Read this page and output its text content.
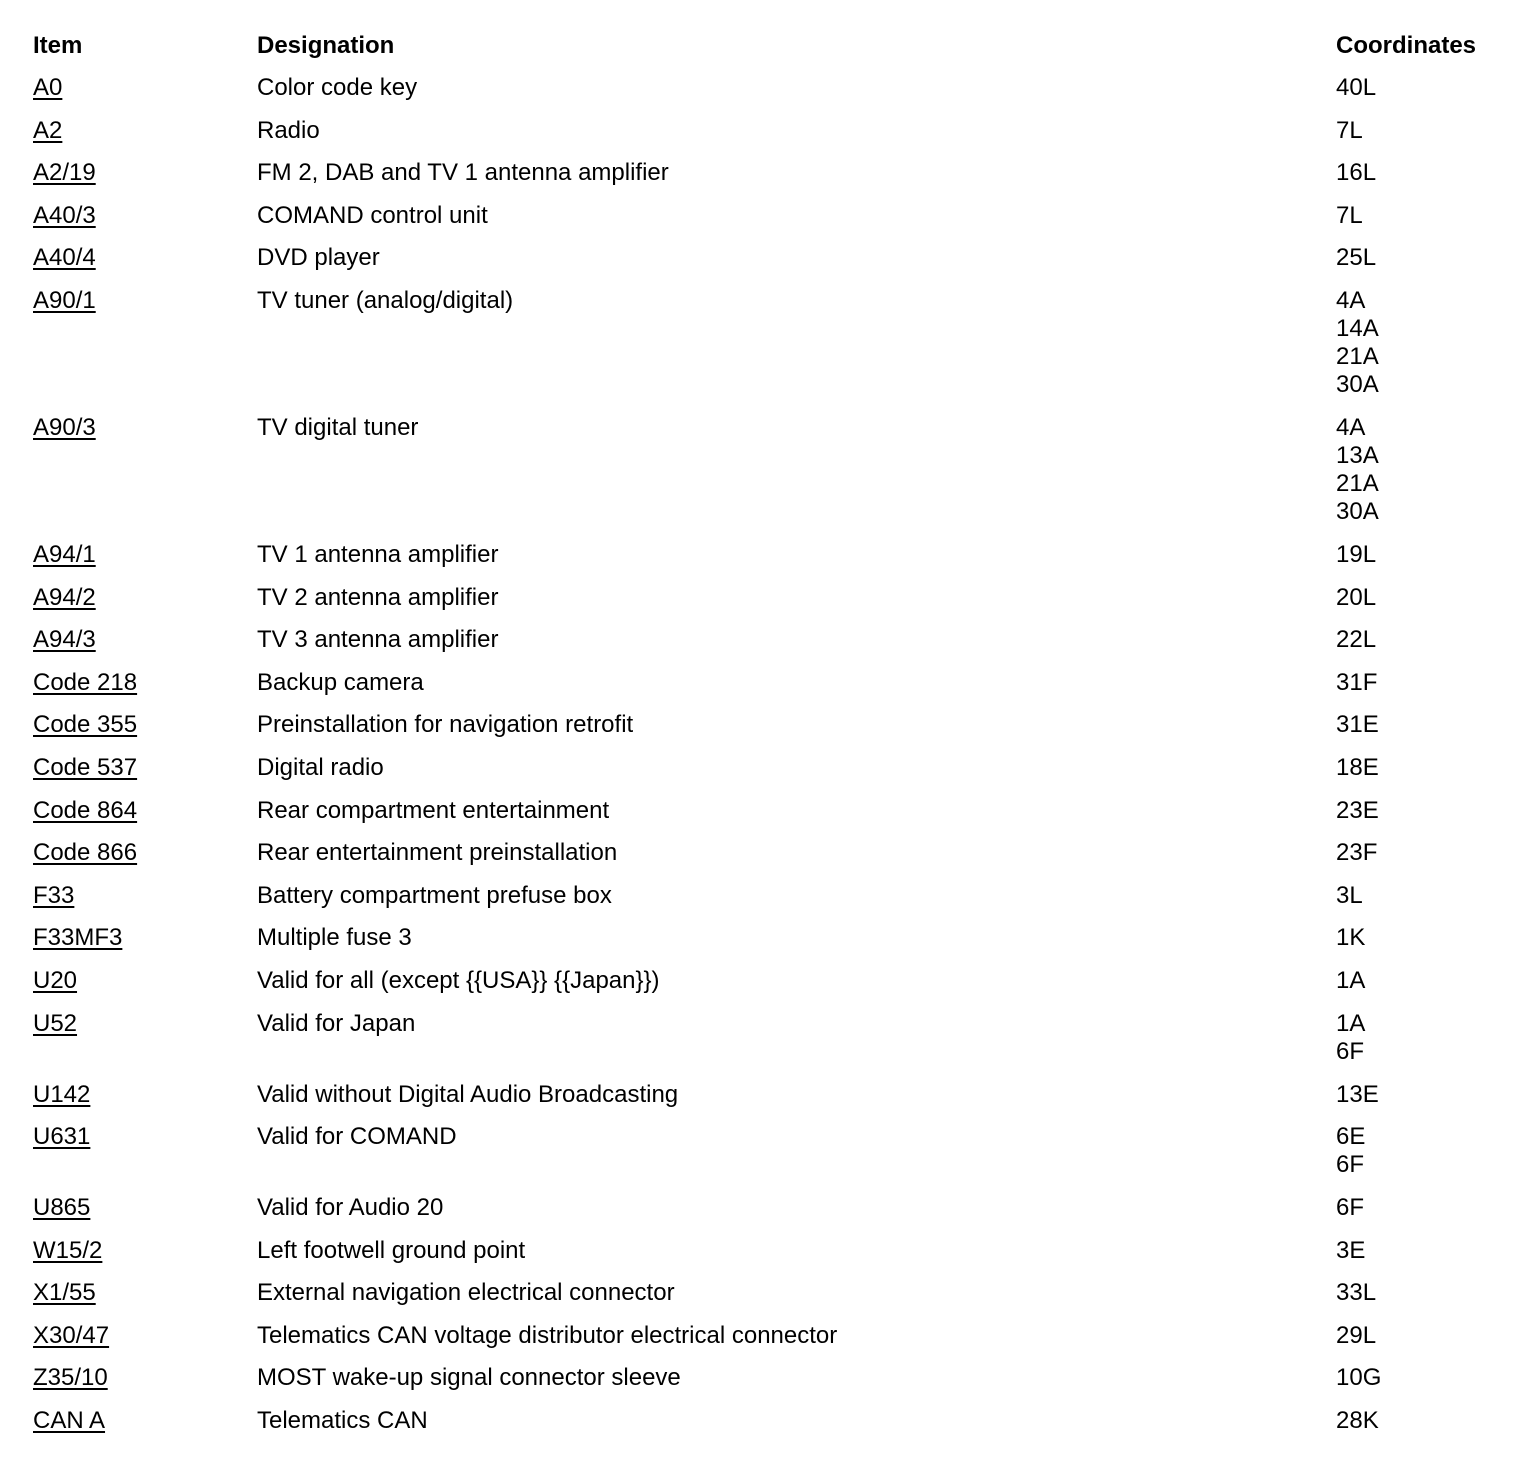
Item	Designation	Coordinates
A0	Color code key	40L
A2	Radio	7L
A2/19	FM 2, DAB and TV 1 antenna amplifier	16L
A40/3	COMAND control unit	7L
A40/4	DVD player	25L
A90/1	TV tuner (analog/digital)	4A
14A
21A
30A
A90/3	TV digital tuner	4A
13A
21A
30A
A94/1	TV 1 antenna amplifier	19L
A94/2	TV 2 antenna amplifier	20L
A94/3	TV 3 antenna amplifier	22L
Code 218	Backup camera	31F
Code 355	Preinstallation for navigation retrofit	31E
Code 537	Digital radio	18E
Code 864	Rear compartment entertainment	23E
Code 866	Rear entertainment preinstallation	23F
F33	Battery compartment prefuse box	3L
F33MF3	Multiple fuse 3	1K
U20	Valid for all (except {{USA}} {{Japan}})	1A
U52	Valid for Japan	1A
6F
U142	Valid without Digital Audio Broadcasting	13E
U631	Valid for COMAND	6E
6F
U865	Valid for Audio 20	6F
W15/2	Left footwell ground point	3E
X1/55	External navigation electrical connector	33L
X30/47	Telematics CAN voltage distributor electrical connector	29L
Z35/10	MOST wake-up signal connector sleeve	10G
CAN A	Telematics CAN	28K
